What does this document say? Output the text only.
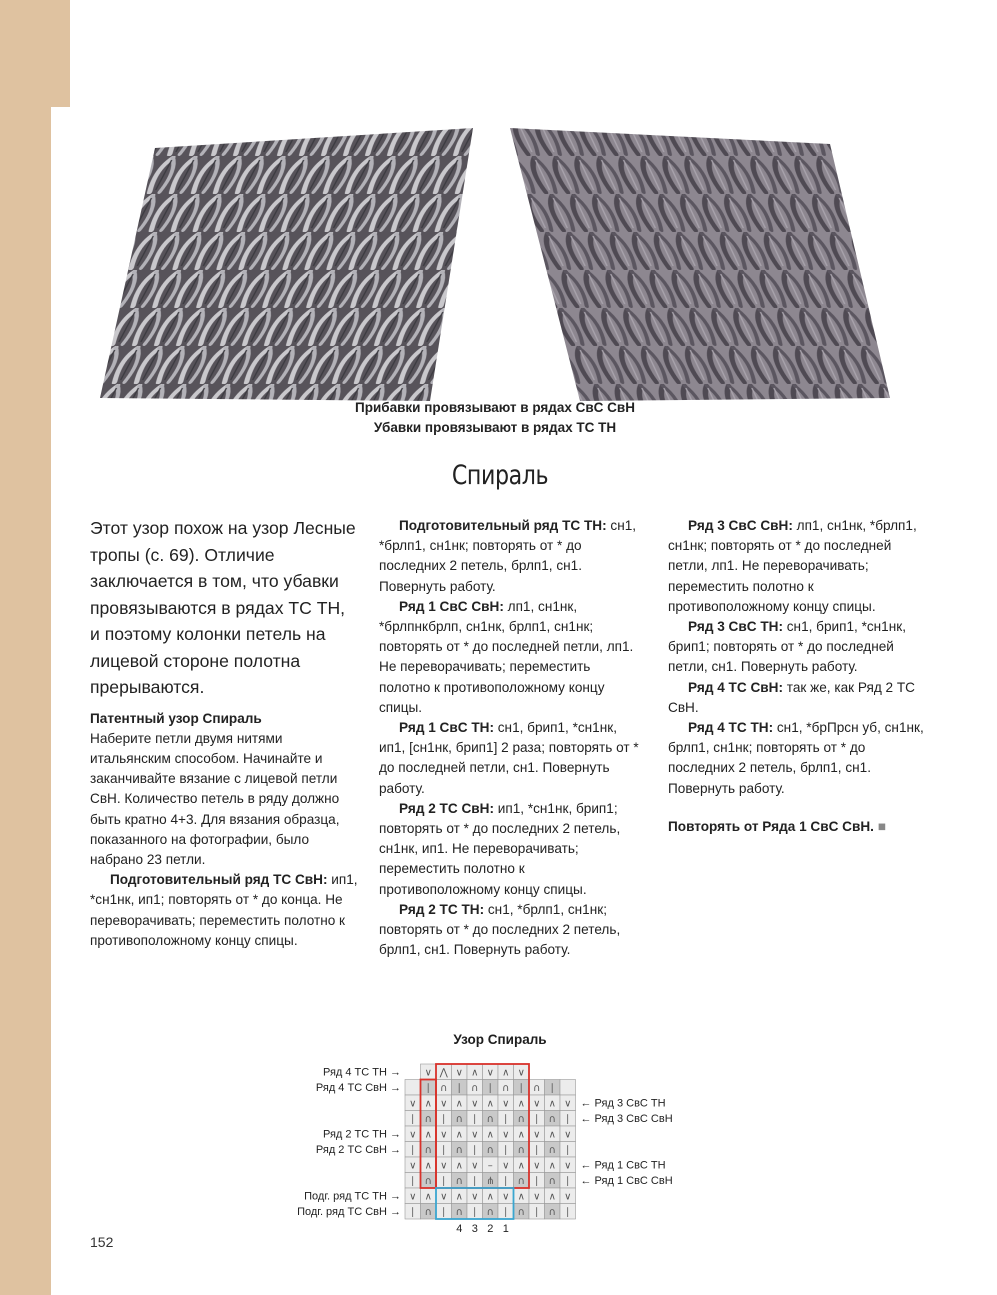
Прибавки провязывают в рядах СвС СвН
Убавки провязывают в рядах ТС ТН
Спираль

Этот узор похож на узор Лесные тропы (с. 69). Отличие заключается в том, что убавки провязываются в рядах ТС ТН, и поэтому колонки петель на лицевой стороне полотна прерываются.

Патентный узор Спираль

Наберите петли двумя нитями итальянским способом. Начинайте и заканчивайте вязание с лицевой петли СвН. Количество петель в ряду должно быть кратно 4+3. Для вязания образца, показанного на фотографии, было набрано 23 петли.

Подготовительный ряд ТС СвН: ип1, *сн1нк, ип1; повторять от * до конца. Не переворачивать; переместить полотно к противоположному концу спицы.

Подготовительный ряд ТС ТН: сн1, *брлп1, сн1нк; повторять от * до последних 2 петель, брлп1, сн1. Повернуть работу.

Ряд 1 СвС СвН: лп1, сн1нк, *брлпнкбрлп, сн1нк, брлп1, сн1нк; повторять от * до последней петли, лп1. Не переворачивать; переместить полотно к противоположному концу спицы.

Ряд 1 СвС ТН: сн1, брип1, *сн1нк, ип1, [сн1нк, брип1] 2 раза; повторять от * до последней петли, сн1. Повернуть работу.

Ряд 2 ТС СвН: ип1, *сн1нк, брип1; повторять от * до последних 2 петель, сн1нк, ип1. Не переворачивать; переместить полотно к противоположному концу спицы.

Ряд 2 ТС ТН: сн1, *брлп1, сн1нк; повторять от * до последних 2 петель, брлп1, сн1. Повернуть работу.

Ряд 3 СвС СвН: лп1, сн1нк, *брлп1, сн1нк; повторять от * до последней петли, лп1. Не переворачивать; переместить полотно к противоположному концу спицы.

Ряд 3 СвС ТН: сн1, брип1, *сн1нк, брип1; повторять от * до последней петли, сн1. Повернуть работу.

Ряд 4 ТС СвН: так же, как Ряд 2 ТС СвН.

Ряд 4 ТС ТН: сн1, *брПрсн уб, сн1нк, брлп1, сн1нк; повторять от * до последних 2 петель, брлп1, сн1. Повернуть работу.

Повторять от Ряда 1 СвС СвН. ■

Узор Спираль
∨ ⋀ ∨ ∧ ∨ ∧ ∨
∣ ∩ ∣ ∩ ∣ ∩ ∣ ∩ ∣
∨ ∧ ∨ ∧ ∨ ∧ ∨ ∧ ∨ ∧ ∨
∣ ∩ ∣ ∩ ∣ ∩ ∣ ∩ ∣ ∩ ∣
∨ ∧ ∨ ∧ ∨ ∧ ∨ ∧ ∨ ∧ ∨
∣ ∩ ∣ ∩ ∣ ∩ ∣ ∩ ∣ ∩ ∣
∨ ∧ ∨ ∧ ∨ – ∨ ∧ ∨ ∧ ∨
∣ ∩ ∣ ∩ ∣ ⋔ ∣ ∩ ∣ ∩ ∣
∨ ∧ ∨ ∧ ∨ ∧ ∨ ∧ ∨ ∧ ∨
∣ ∩ ∣ ∩ ∣ ∩ ∣ ∩ ∣ ∩ ∣
Ряд 4 ТС ТН →
Ряд 4 ТС СвН →
Ряд 2 ТС ТН →
Ряд 2 ТС СвН →
Подг. ряд ТС ТН →
Подг. ряд ТС СвН →
← Ряд 3 СвС ТН
← Ряд 3 СвС СвН
← Ряд 1 СвС ТН
← Ряд 1 СвС СвН
4 3 2 1
152
